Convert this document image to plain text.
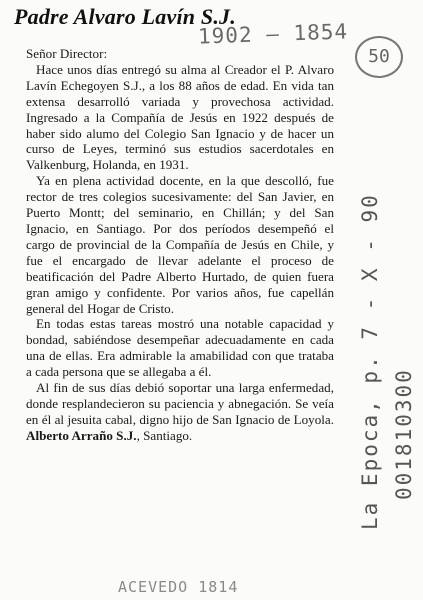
Padre Alvaro Lavín S.J.
1902 — 1854
50
La Epoca, p. 7 - X - 90 001810300
ACEVEDO 1814

Señor Director:

Hace unos días entregó su alma al Creador el P. Alvaro Lavín Echegoyen S.J., a los 88 años de edad. En vida tan extensa desarrolló variada y provechosa actividad. Ingresado a la Compañía de Jesús en 1922 después de haber sido alumo del Colegio San Ignacio y de hacer un curso de Leyes, terminó sus estudios sacerdotales en Valkenburg, Holanda, en 1931.

Ya en plena actividad docente, en la que descolló, fue rector de tres colegios sucesivamente: del San Javier, en Puerto Montt; del seminario, en Chillán; y del San Ignacio, en Santiago. Por dos períodos desempeñó el cargo de provincial de la Compañía de Jesús en Chile, y fue el encargado de llevar adelante el proceso de beatificación del Padre Alberto Hurtado, de quien fuera gran amigo y confidente. Por varios años, fue capellán general del Hogar de Cristo.

En todas estas tareas mostró una notable capacidad y bondad, sabiéndose desempeñar adecuadamente en cada una de ellas. Era admirable la amabilidad con que trataba a cada persona que se allegaba a él.

Al fin de sus días debió soportar una larga enfermedad, donde resplandecieron su paciencia y abnegación. Se veía en él al jesuita cabal, digno hijo de San Ignacio de Loyola. Alberto Arraño S.J., Santiago.
